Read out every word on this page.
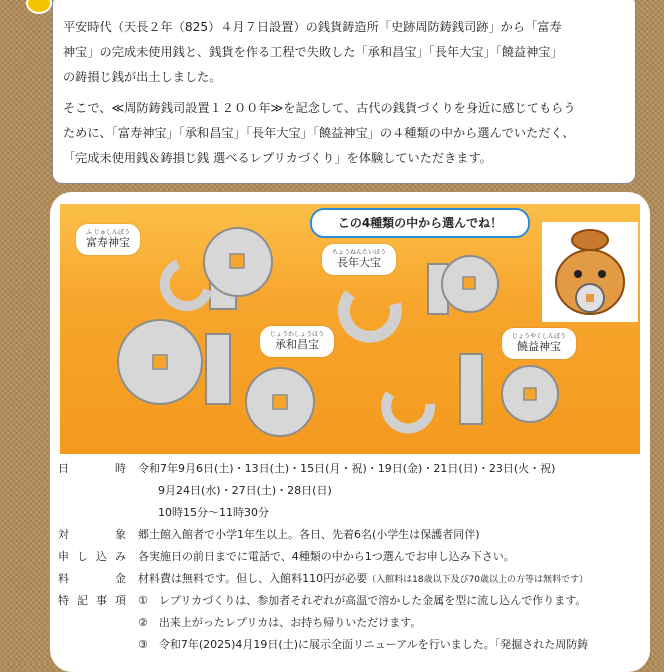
平安時代（天長２年（825）４月７日設置）の銭貨鋳造所「史跡周防鋳銭司跡」から「富寿

神宝」の完成未使用銭と、銭貨を作る工程で失敗した「承和昌宝」「長年大宝」「饒益神宝」

の鋳損じ銭が出土しました。

そこで、≪周防鋳銭司設置１２００年≫を記念して、古代の銭貨づくりを身近に感じてもらう

ために、「富寿神宝」「承和昌宝」「長年大宝」「饒益神宝」の４種類の中から選んでいただく、

「完成未使用銭＆鋳損じ銭 選べるレプリカづくり」を体験していただきます。

この4種類の中から選んでね！
ふ じゅしんぽう
富寿神宝
ちょうねんたいほう
長年大宝
じょうわしょうほう
承和昌宝
じょうやくしんぽう
饒益神宝
日　　時 令和7年9月6日(土)・13日(土)・15日(月・祝)・19日(金)・21日(日)・23日(火・祝)
9月24日(水)・27日(土)・28日(日)
10時15分～11時30分
対　　象 郷土館入館者で小学1年生以上。各日、先着6名(小学生は保護者同伴)
申し込み 各実施日の前日までに電話で、4種類の中から1つ選んでお申し込み下さい。
料　　金 材料費は無料です。但し、入館料110円が必要（入館料は18歳以下及び70歳以上の方等は無料です）
特記事項 ①　レプリカづくりは、参加者それぞれが高温で溶かした金属を型に流し込んで作ります。
②　出来上がったレプリカは、お持ち帰りいただけます。
③　令和7年(2025)4月19日(土)に展示全面リニューアルを行いました。「発掘された周防鋳
